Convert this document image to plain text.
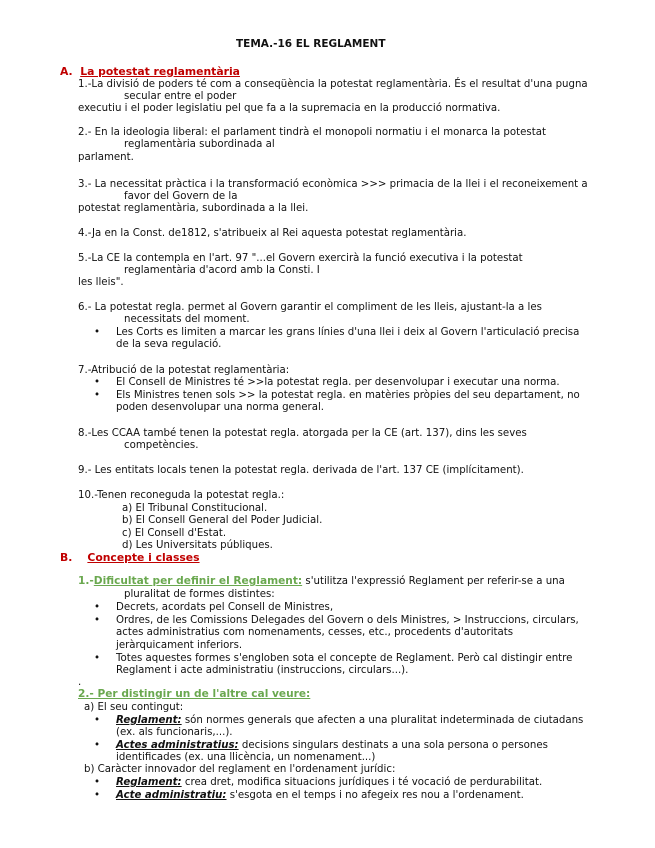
TEMA.-16 EL REGLAMENT
A. La potestat reglamentària
1.-La divisió de poders té com a conseqüència la potestat reglamentària. És el resultat d'una pugna
secular entre el poder
executiu i el poder legislatiu pel que fa a la supremacia en la producció normativa.
2.- En la ideologia liberal: el parlament tindrà el monopoli normatiu i el monarca la potestat
reglamentària subordinada al
parlament.
3.- La necessitat pràctica i la transformació econòmica >>> primacia de la llei i el reconeixement a
favor del Govern de la
potestat reglamentària, subordinada a la llei.
4.-Ja en la Const. de1812, s'atribueix al Rei aquesta potestat reglamentària.
5.-La CE la contempla en l'art. 97 "...el Govern exercirà la funció executiva i la potestat
reglamentària d'acord amb la Consti. I
les lleis".
6.- La potestat regla. permet al Govern garantir el compliment de les lleis, ajustant-la a les
necessitats del moment.
• Les Corts es limiten a marcar les grans línies d'una llei i deix al Govern l'articulació precisa
de la seva regulació.
7.-Atribució de la potestat reglamentària:
• El Consell de Ministres té >>la potestat regla. per desenvolupar i executar una norma.
• Els Ministres tenen sols >> la potestat regla. en matèries pròpies del seu departament, no
poden desenvolupar una norma general.
8.-Les CCAA també tenen la potestat regla. atorgada per la CE (art. 137), dins les seves
competències.
9.- Les entitats locals tenen la potestat regla. derivada de l'art. 137 CE (implícitament).
10.-Tenen reconeguda la potestat regla.:
a) El Tribunal Constitucional.
b) El Consell General del Poder Judicial.
c) El Consell d'Estat.
d) Les Universitats públiques.
B. Concepte i classes
1.-Dificultat per definir el Reglament: s'utilitza l'expressió Reglament per referir-se a una
pluralitat de formes distintes:
• Decrets, acordats pel Consell de Ministres,
• Ordres, de les Comissions Delegades del Govern o dels Ministres, > Instruccions, circulars,
actes administratius com nomenaments, cesses, etc., procedents d'autoritats
jeràrquicament inferiors.
• Totes aquestes formes s'engloben sota el concepte de Reglament. Però cal distingir entre
Reglament i acte administratiu (instruccions, circulars...).
.
2.- Per distingir un de l'altre cal veure:
a) El seu contingut:
• Reglament: són normes generals que afecten a una pluralitat indeterminada de ciutadans
(ex. als funcionaris,...).
• Actes administratius: decisions singulars destinats a una sola persona o persones
identificades (ex. una llicència, un nomenament...)
b) Caràcter innovador del reglament en l'ordenament jurídic:
• Reglament: crea dret, modifica situacions jurídiques i té vocació de perdurabilitat.
• Acte administratiu: s'esgota en el temps i no afegeix res nou a l'ordenament.
